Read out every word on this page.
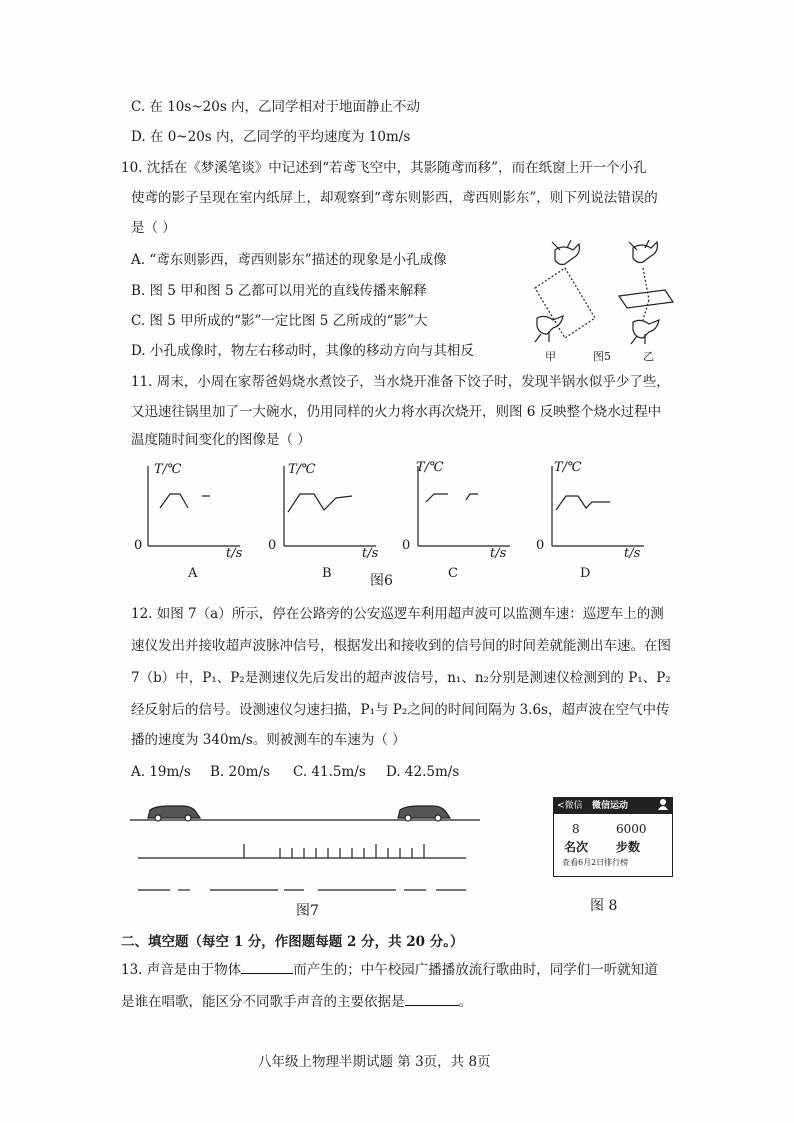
C. 在 10s~20s 内，乙同学相对于地面静止不动
D. 在 0~20s 内，乙同学的平均速度为 10m/s
10. 沈括在《梦溪笔谈》中记述到“若鸢飞空中，其影随鸢而移”，而在纸窗上开一个小孔
使鸢的影子呈现在室内纸屏上，却观察到“鸢东则影西，鸢西则影东”，则下列说法错误的
是（ ）
A. “鸢东则影西，鸢西则影东”描述的现象是小孔成像
B. 图 5 甲和图 5 乙都可以用光的直线传播来解释
C. 图 5 甲所成的“影”一定比图 5 乙所成的“影”大
D. 小孔成像时，物左右移动时，其像的移动方向与其相反	甲	图5	乙
11. 周末，小周在家帮爸妈烧水煮饺子，当水烧开准备下饺子时，发现半锅水似乎少了些，
又迅速往锅里加了一大碗水，仍用同样的火力将水再次烧开，则图 6 反映整个烧水过程中
温度随时间变化的图像是（ ）
T/℃
0
t/s
A
T/℃
0
t/s
B
T/℃
0
t/s
C
T/℃
0
t/s
D
图6
12. 如图 7（a）所示，停在公路旁的公安巡逻车利用超声波可以监测车速：巡逻车上的测
速仪发出并接收超声波脉冲信号，根据发出和接收到的信号间的时间差就能测出车速。在图
7（b）中，P₁、P₂是测速仪先后发出的超声波信号，n₁、n₂分别是测速仪检测到的 P₁、P₂
经反射后的信号。设测速仪匀速扫描，P₁与 P₂之间的时间间隔为 3.6s，超声波在空气中传
播的速度为 340m/s。则被测车的车速为（ ）
A. 19m/s B. 20m/s C. 41.5m/s D. 42.5m/s
图7
<微信 微信运动
8	6000
名次 步数
查看6月2日排行榜
图 8
二、填空题（每空 1 分，作图题每题 2 分，共 20 分。）
13. 声音是由于物体	而产生的；中午校园广播播放流行歌曲时，同学们一听就知道
是谁在唱歌，能区分不同歌手声音的主要依据是	。
八年级上物理半期试题 第 3页，共 8页
